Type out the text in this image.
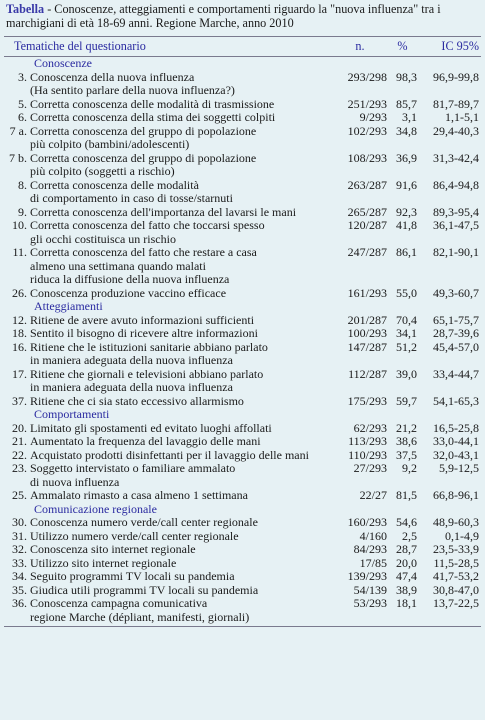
Tabella - Conoscenze, atteggiamenti e comportamenti riguardo la "nuova influenza" tra i marchigiani di età 18-69 anni. Regione Marche, anno 2010
Tematiche del questionario		n.	%	IC 95%
Conoscenze				
3.	Conoscenza della nuova influenza
(Ha sentito parlare della nuova influenza?)	293/298	98,3	96,9-99,8
5.	Corretta conoscenza delle modalità di trasmissione	251/293	85,7	81,7-89,7
6.	Corretta conoscenza della stima dei soggetti colpiti	9/293	3,1	1,1-5,1
7 a.	Corretta conoscenza del gruppo di popolazione
più colpito (bambini/adolescenti)	102/293	34,8	29,4-40,3
7 b.	Corretta conoscenza del gruppo di popolazione
più colpito (soggetti a rischio)	108/293	36,9	31,3-42,4
8.	Corretta conoscenza delle modalità
di comportamento in caso di tosse/starnuti	263/287	91,6	86,4-94,8
9.	Corretta conoscenza dell'importanza del lavarsi le mani	265/287	92,3	89,3-95,4
10.	Corretta conoscenza del fatto che toccarsi spesso
gli occhi costituisca un rischio	120/287	41,8	36,1-47,5
11.	Corretta conoscenza del fatto che restare a casa
almeno una settimana quando malati
riduca la diffusione della nuova influenza	247/287	86,1	82,1-90,1
26.	Conoscenza produzione vaccino efficace	161/293	55,0	49,3-60,7
Atteggiamenti				
12.	Ritiene de avere avuto informazioni sufficienti	201/287	70,4	65,1-75,7
18.	Sentito il bisogno di ricevere altre informazioni	100/293	34,1	28,7-39,6
16.	Ritiene che le istituzioni sanitarie abbiano parlato
in maniera adeguata della nuova influenza	147/287	51,2	45,4-57,0
17.	Ritiene che giornali e televisioni abbiano parlato
in maniera adeguata della nuova influenza	112/287	39,0	33,4-44,7
37.	Ritiene che ci sia stato eccessivo allarmismo	175/293	59,7	54,1-65,3
Comportamenti				
20.	Limitato gli spostamenti ed evitato luoghi affollati	62/293	21,2	16,5-25,8
21.	Aumentato la frequenza del lavaggio delle mani	113/293	38,6	33,0-44,1
22.	Acquistato prodotti disinfettanti per il lavaggio delle mani	110/293	37,5	32,0-43,1
23.	Soggetto intervistato o familiare ammalato
di nuova influenza	27/293	9,2	5,9-12,5
25.	Ammalato rimasto a casa almeno 1 settimana	22/27	81,5	66,8-96,1
Comunicazione regionale				
30.	Conoscenza numero verde/call center regionale	160/293	54,6	48,9-60,3
31.	Utilizzo numero verde/call center regionale	4/160	2,5	0,1-4,9
32.	Conoscenza sito internet regionale	84/293	28,7	23,5-33,9
33.	Utilizzo sito internet regionale	17/85	20,0	11,5-28,5
34.	Seguito programmi TV locali su pandemia	139/293	47,4	41,7-53,2
35.	Giudica utili programmi TV locali su pandemia	54/139	38,9	30,8-47,0
36.	Conoscenza campagna comunicativa
regione Marche (dépliant, manifesti, giornali)	53/293	18,1	13,7-22,5
